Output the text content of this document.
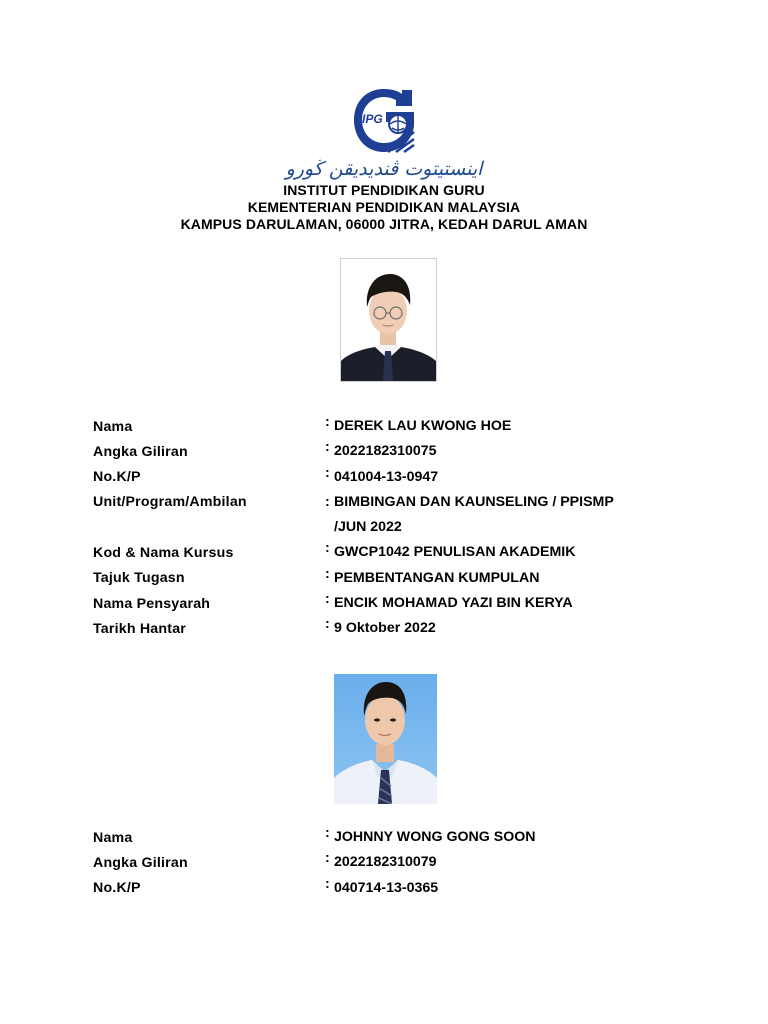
IPG
اينستيتوت ڤنديديقن ڬورو
INSTITUT PENDIDIKAN GURU
KEMENTERIAN PENDIDIKAN MALAYSIA
KAMPUS DARULAMAN, 06000 JITRA, KEDAH DARUL AMAN
Nama	: DEREK LAU KWONG HOE
Angka Giliran	: 2022182310075
No.K/P	: 041004-13-0947
Unit/Program/Ambilan	: BIMBINGAN DAN KAUNSELING / PPISMP
/JUN 2022
Kod & Nama Kursus	: GWCP1042 PENULISAN AKADEMIK
Tajuk Tugasn	: PEMBENTANGAN KUMPULAN
Nama Pensyarah	: ENCIK MOHAMAD YAZI BIN KERYA
Tarikh Hantar	: 9 Oktober 2022
Nama	: JOHNNY WONG GONG SOON
Angka Giliran	: 2022182310079
No.K/P	: 040714-13-0365
